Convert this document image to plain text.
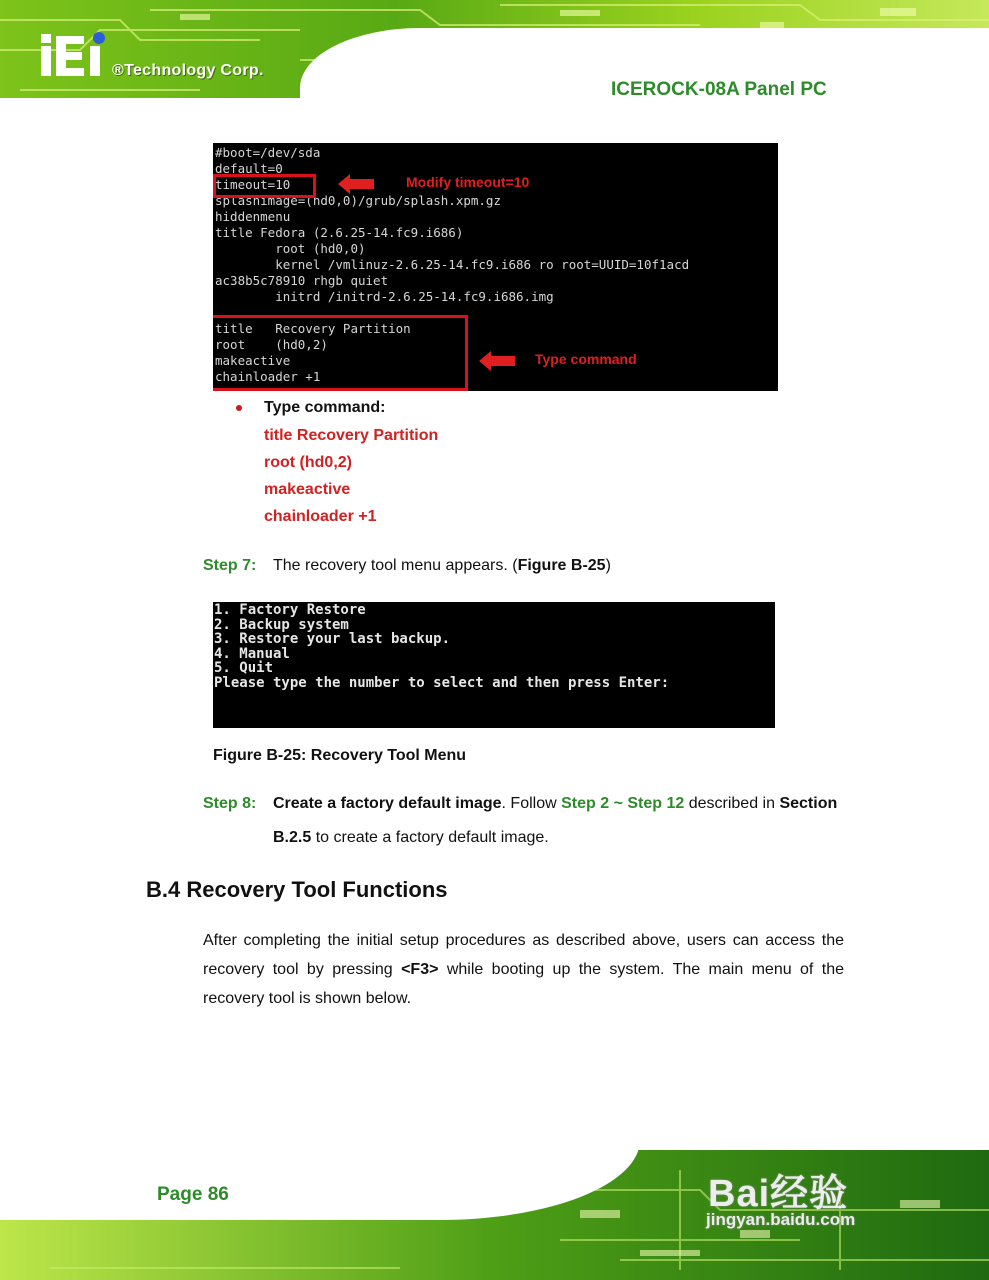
®Technology Corp.
ICEROCK-08A Panel PC
#boot=/dev/sda
default=0
timeout=10
splashimage=(hd0,0)/grub/splash.xpm.gz
hiddenmenu
title Fedora (2.6.25-14.fc9.i686)
root (hd0,0)
kernel /vmlinuz-2.6.25-14.fc9.i686 ro root=UUID=10f1acd
ac38b5c78910 rhgb quiet
initrd /initrd-2.6.25-14.fc9.i686.img
title   Recovery Partition
root    (hd0,2)
makeactive
chainloader +1
Modify timeout=10
Type command
Type command:
title Recovery Partition
root (hd0,2)
makeactive
chainloader +1
Step 7: The recovery tool menu appears. (Figure B-25)
1. Factory Restore
2. Backup system
3. Restore your last backup.
4. Manual
5. Quit
Please type the number to select and then press Enter:
Figure B-25: Recovery Tool Menu
Step 8: Create a factory default image. Follow Step 2 ~ Step 12 described in Section
B.2.5 to create a factory default image.
B.4 Recovery Tool Functions
After completing the initial setup procedures as described above, users can access the recovery tool by pressing <F3> while booting up the system. The main menu of the recovery tool is shown below.
Page 86	Bai经验
jingyan.baidu.com
